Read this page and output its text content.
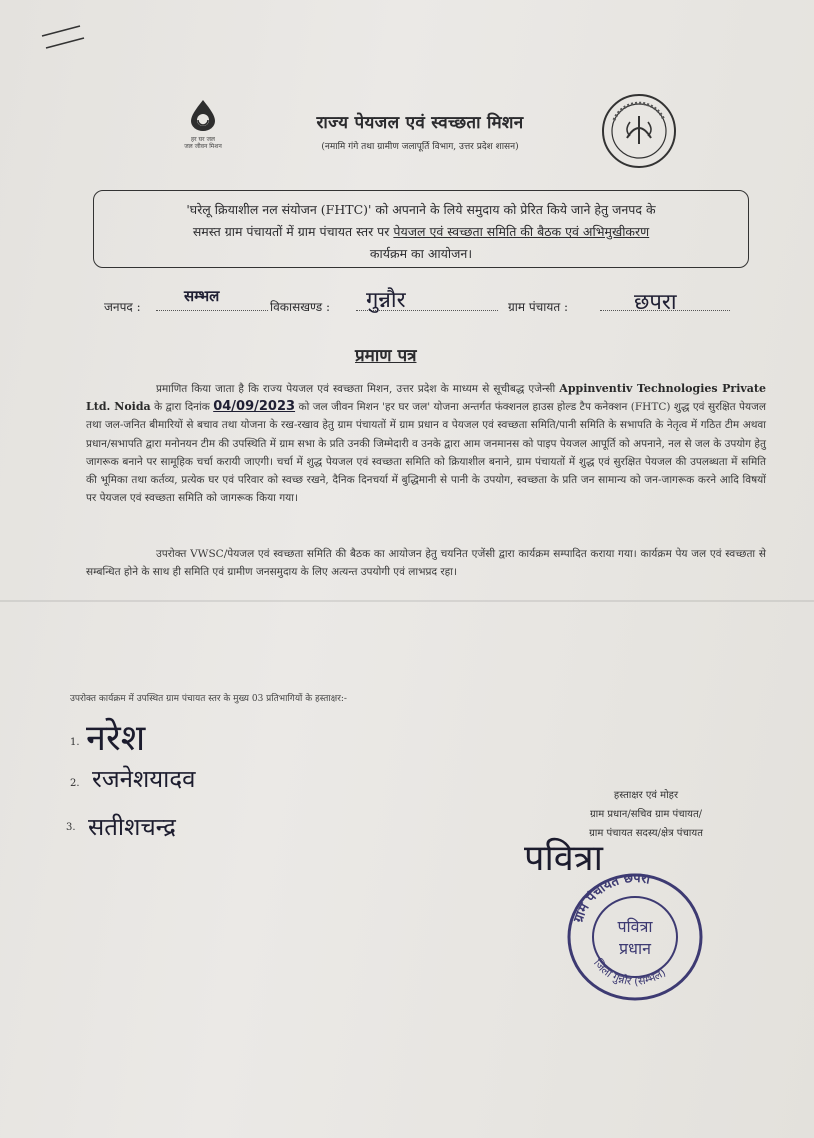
हर घर जल
जल जीवन मिशन
राज्य पेयजल एवं स्वच्छता मिशन
(नमामि गंगे तथा ग्रामीण जलापूर्ति विभाग, उत्तर प्रदेश शासन)
'घरेलू क्रियाशील नल संयोजन (FHTC)' को अपनाने के लिये समुदाय को प्रेरित किये जाने हेतु जनपद के
समस्त ग्राम पंचायतों में ग्राम पंचायत स्तर पर पेयजल एवं स्वच्छता समिति की बैठक एवं अभिमुखीकरण
कार्यक्रम का आयोजन।
जनपद :
सम्भल
विकासखण्ड : गुन्नौर	ग्राम पंचायत :	छपरा
प्रमाण पत्र
प्रमाणित किया जाता है कि राज्य पेयजल एवं स्वच्छता मिशन, उत्तर प्रदेश के माध्यम से सूचीबद्ध एजेन्सी Appinventiv Technologies Private Ltd. Noida के द्वारा दिनांक 04/09/2023 को जल जीवन मिशन 'हर घर जल' योजना अन्तर्गत फंक्शनल हाउस होल्ड टैप कनेक्शन (FHTC) शुद्ध एवं सुरक्षित पेयजल तथा जल-जनित बीमारियों से बचाव तथा योजना के रख-रखाव हेतु ग्राम पंचायतों में ग्राम प्रधान व पेयजल एवं स्वच्छता समिति/पानी समिति के सभापति के नेतृत्व में गठित टीम अथवा प्रधान/सभापति द्वारा मनोनयन टीम की उपस्थिति में ग्राम सभा के प्रति उनकी जिम्मेदारी व उनके द्वारा आम जनमानस को पाइप पेयजल आपूर्ति को अपनाने, नल से जल के उपयोग हेतु जागरूक बनाने पर सामूहिक चर्चा करायी जाएगी। चर्चा में शुद्ध पेयजल एवं स्वच्छता समिति को क्रियाशील बनाने, ग्राम पंचायतों में शुद्ध एवं सुरक्षित पेयजल की उपलब्धता में समिति की भूमिका तथा कर्तव्य, प्रत्येक घर एवं परिवार को स्वच्छ रखने, दैनिक दिनचर्या में बुद्धिमानी से पानी के उपयोग, स्वच्छता के प्रति जन सामान्य को जन-जागरूक करने आदि विषयों पर पेयजल एवं स्वच्छता समिति को जागरूक किया गया।
उपरोक्त VWSC/पेयजल एवं स्वच्छता समिति की बैठक का आयोजन हेतु चयनित एजेंसी द्वारा कार्यक्रम सम्पादित कराया गया। कार्यक्रम पेय जल एवं स्वच्छता से सम्बन्धित होने के साथ ही समिति एवं ग्रामीण जनसमुदाय के लिए अत्यन्त उपयोगी एवं लाभप्रद रहा।
उपरोक्त कार्यक्रम में उपस्थित ग्राम पंचायत स्तर के मुख्य 03 प्रतिभागियों के हस्ताक्षर:-
1. नरेश
2. रजनेशयादव
3. सतीशचन्द्र
हस्ताक्षर एवं मोहर
ग्राम प्रधान/सचिव ग्राम पंचायत/
ग्राम पंचायत सदस्य/क्षेत्र पंचायत
पवित्रा
ग्राम पंचायत छपरा
जिला गुन्नौर (सम्भल)
पवित्रा
प्रधान
